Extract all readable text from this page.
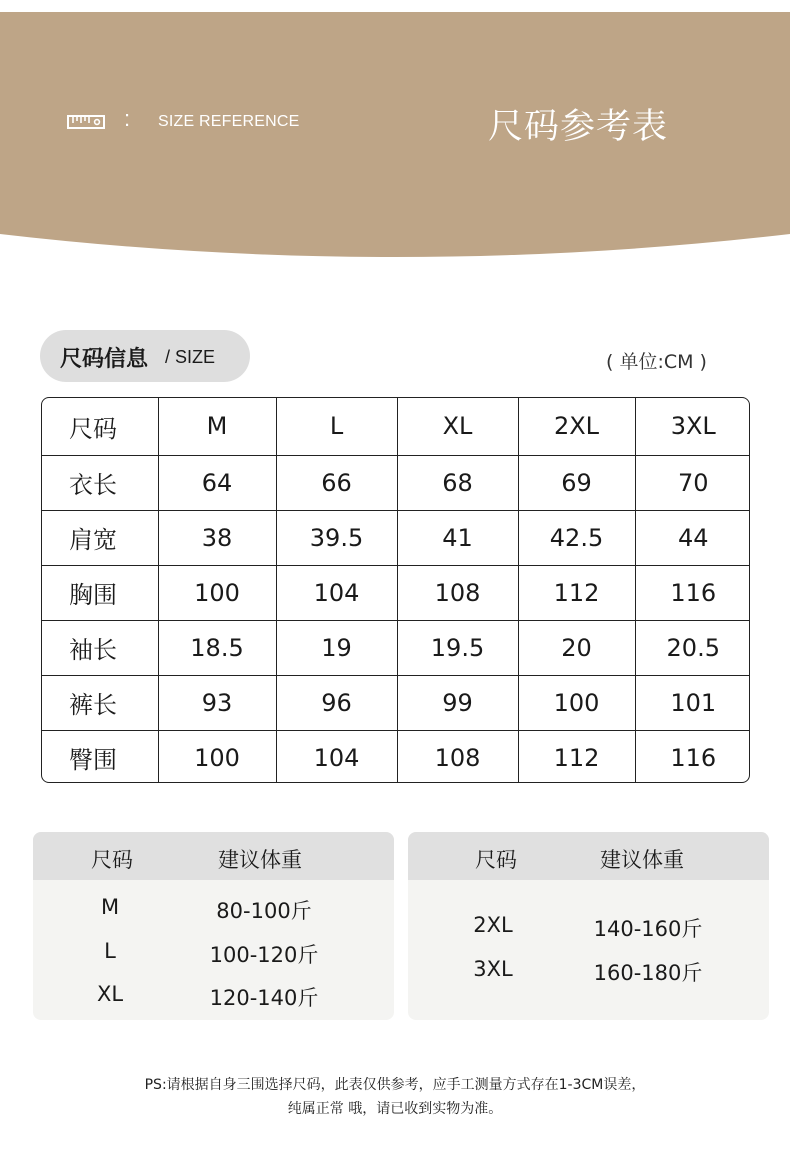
: SIZE REFERENCE	尺码参考表
尺码信息 / SIZE	( 单位:CM )
尺码	M	L	XL	2XL	3XL
衣长	64	66	68	69	70
肩宽	38	39.5	41	42.5	44
胸围	100	104	108	112	116
袖长	18.5	19	19.5	20	20.5
裤长	93	96	99	100	101
臀围	100	104	108	112	116
尺码	建议体重
M	80-100斤
L	100-120斤
XL	120-140斤
尺码	建议体重
2XL	140-160斤
3XL	160-180斤
PS:请根据自身三围选择尺码，此表仅供参考，应手工测量方式存在1-3CM误差，
纯属正常 哦，请已收到实物为准。
